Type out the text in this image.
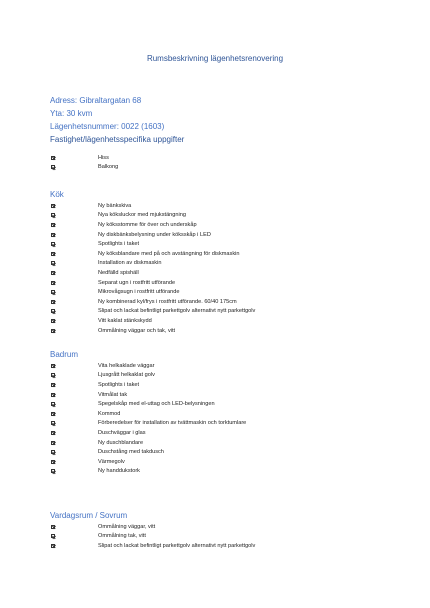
Rumsbeskrivning lägenhetsrenovering
Adress: Gibraltargatan 68
Yta: 30 kvm
Lägenhetsnummer: 0022 (1603)
Fastighet/lägenhetsspecifika uppgifter
Hiss
Balkong
Kök
Ny bänkskiva
Nya köksluckor med mjukstängning
Ny köksstomme för över och underskåp
Ny diskbänksbelysning under köksskåp i LED
Spotlights i taket
Ny köksblandare med på och avstängning för diskmaskin
Installation av diskmaskin
Nedfälld spishäll
Separat ugn i rostfritt utförande
Mikrovågsugn i rostfritt utförande
Ny kombinerad kyl/frys i rostfritt utförande. 60/40 175cm
Slipat och lackat befintligt parkettgolv alternativt nytt parkettgolv
Vitt kaklat stänkskydd
Ommålning väggar och tak, vitt
Badrum
Vita helkaklade väggar
Ljusgrått helkaklat golv
Spotlights i taket
Vitmålat tak
Spegelskåp med el-uttag och LED-belysningen
Kommod
Förberedelser för installation av tvättmaskin och torktumlare
Duschväggar i glas
Ny duschblandare
Duschstång med takdusch
Värmegolv
Ny handdukstork
Vardagsrum / Sovrum
Ommålning väggar, vitt
Ommålning tak, vitt
Slipat och lackat befintligt parkettgolv alternativt nytt parkettgolv
